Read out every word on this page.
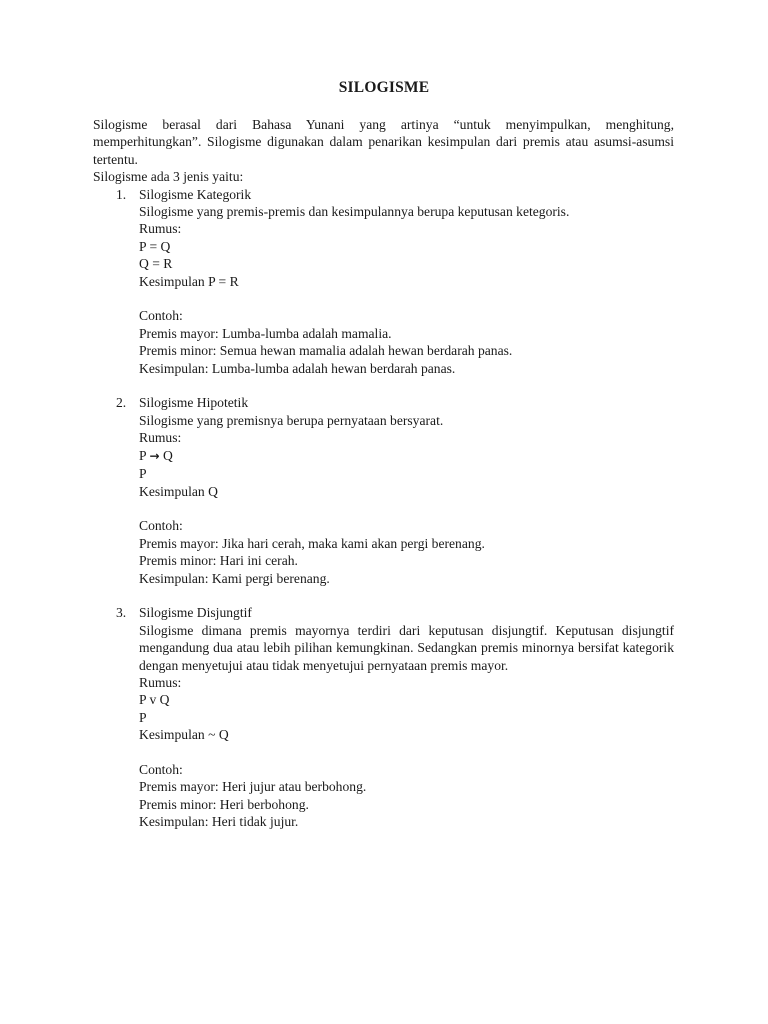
SILOGISME

Silogisme berasal dari Bahasa Yunani yang artinya “untuk menyimpulkan, menghitung, memperhitungkan”. Silogisme digunakan dalam penarikan kesimpulan dari premis atau asumsi-asumsi tertentu.

Silogisme ada 3 jenis yaitu:

1. Silogisme Kategorik

Silogisme yang premis-premis dan kesimpulannya berupa keputusan ketegoris.

Rumus:

P = Q

Q = R

Kesimpulan P = R

Contoh:

Premis mayor: Lumba-lumba adalah mamalia.

Premis minor: Semua hewan mamalia adalah hewan berdarah panas.

Kesimpulan: Lumba-lumba adalah hewan berdarah panas.

2. Silogisme Hipotetik

Silogisme yang premisnya berupa pernyataan bersyarat.

Rumus:

P → Q

P

Kesimpulan Q

Contoh:

Premis mayor: Jika hari cerah, maka kami akan pergi berenang.

Premis minor: Hari ini cerah.

Kesimpulan: Kami pergi berenang.

3. Silogisme Disjungtif

Silogisme dimana premis mayornya terdiri dari keputusan disjungtif. Keputusan disjungtif mengandung dua atau lebih pilihan kemungkinan. Sedangkan premis minornya bersifat kategorik dengan menyetujui atau tidak menyetujui pernyataan premis mayor.

Rumus:

P v Q

P

Kesimpulan ~ Q

Contoh:

Premis mayor: Heri jujur atau berbohong.

Premis minor: Heri berbohong.

Kesimpulan: Heri tidak jujur.
